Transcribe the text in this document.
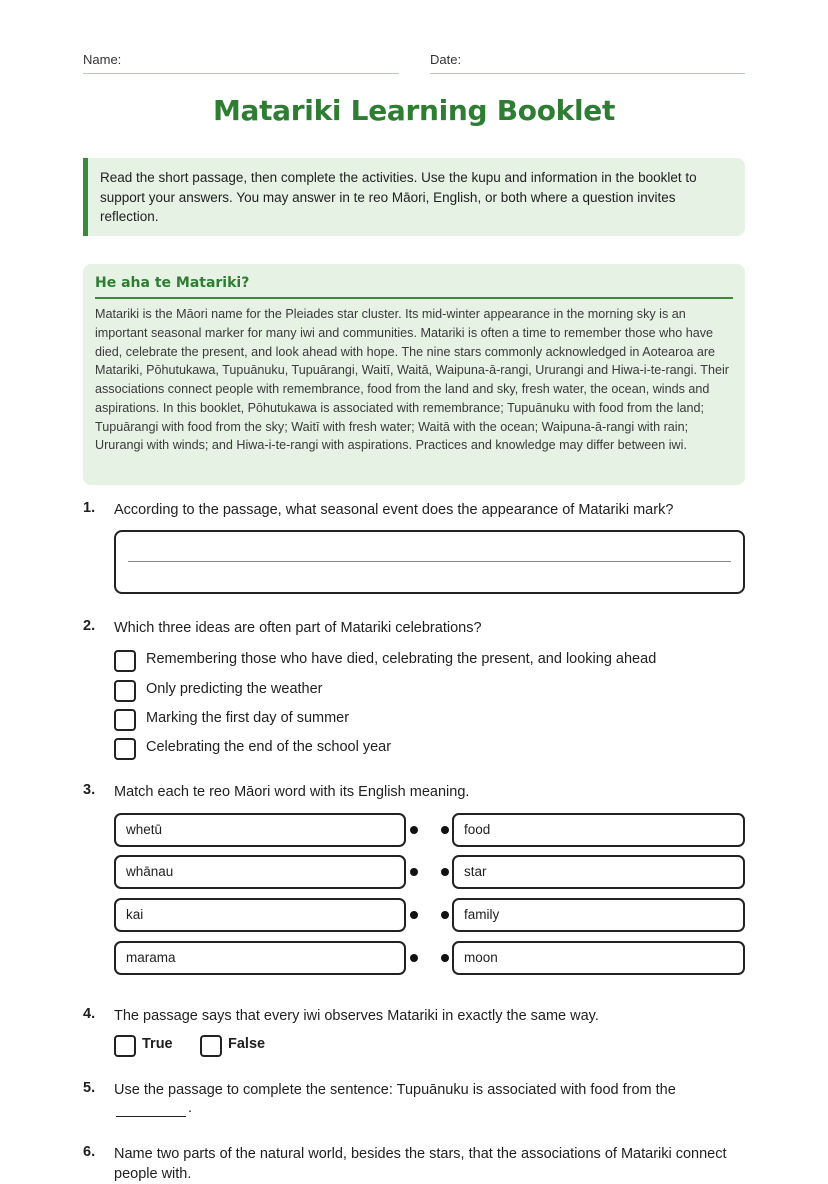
Name:	Date:
Matariki Learning Booklet
Read the short passage, then complete the activities. Use the kupu and information in the booklet to support your answers. You may answer in te reo Māori, English, or both where a question invites reflection.
He aha te Matariki?
Matariki is the Māori name for the Pleiades star cluster. Its mid-winter appearance in the morning sky is an important seasonal marker for many iwi and communities. Matariki is often a time to remember those who have died, celebrate the present, and look ahead with hope. The nine stars commonly acknowledged in Aotearoa are Matariki, Pōhutukawa, Tupuānuku, Tupuārangi, Waitī, Waitā, Waipuna-ā-rangi, Ururangi and Hiwa-i-te-rangi. Their associations connect people with remembrance, food from the land and sky, fresh water, the ocean, winds and aspirations. In this booklet, Pōhutukawa is associated with remembrance; Tupuānuku with food from the land; Tupuārangi with food from the sky; Waitī with fresh water; Waitā with the ocean; Waipuna-ā-rangi with rain; Ururangi with winds; and Hiwa-i-te-rangi with aspirations. Practices and knowledge may differ between iwi.
1. According to the passage, what seasonal event does the appearance of Matariki mark?
2. Which three ideas are often part of Matariki celebrations?
Remembering those who have died, celebrating the present, and looking ahead
Only predicting the weather
Marking the first day of summer
Celebrating the end of the school year
3. Match each te reo Māori word with its English meaning.
whetū
whānau
kai
marama
food
star
family
moon
4. The passage says that every iwi observes Matariki in exactly the same way.
True	False
5. Use the passage to complete the sentence: Tupuānuku is associated with food from the
.
6. Name two parts of the natural world, besides the stars, that the associations of Matariki connect people with.
